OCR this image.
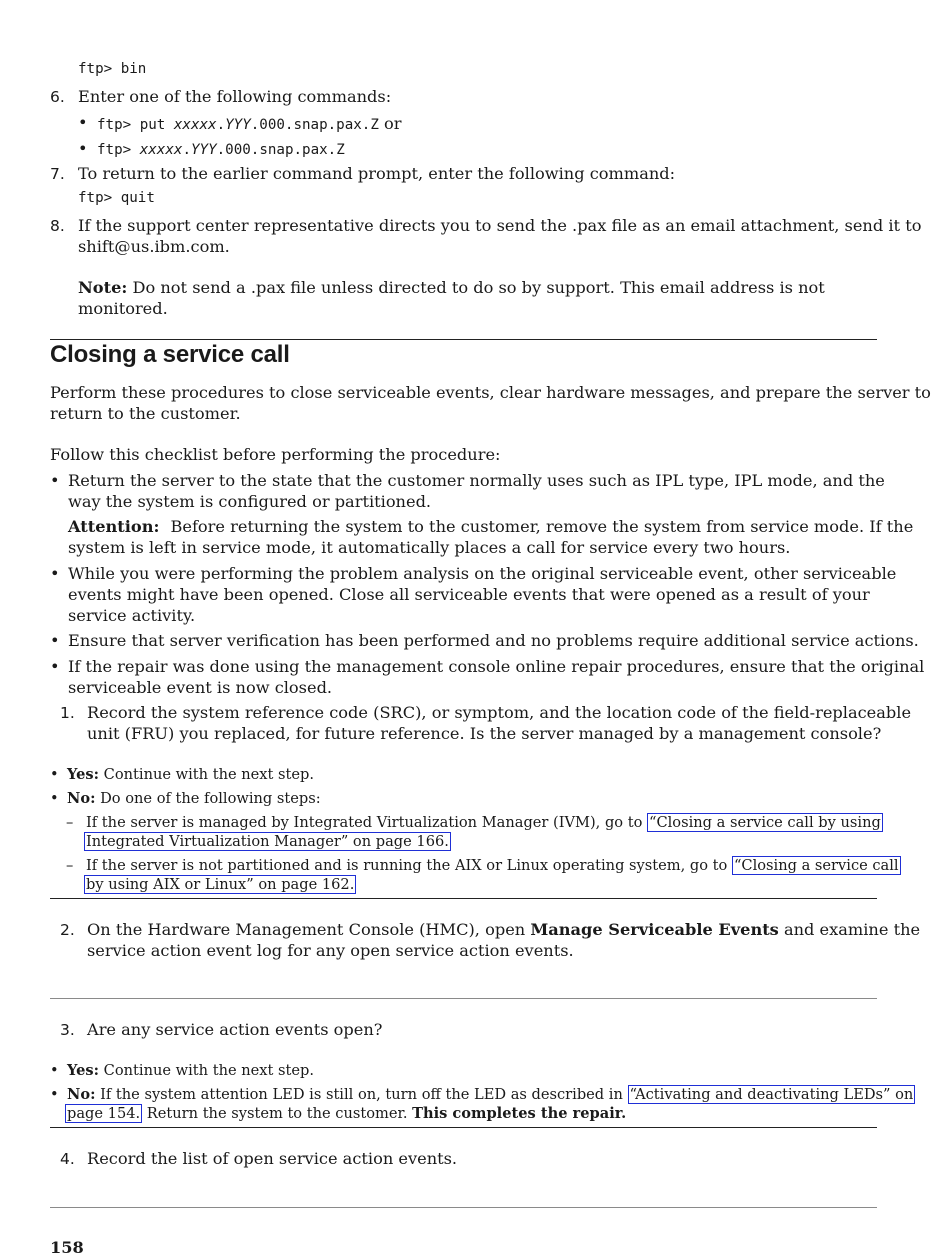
ftp> bin
6. Enter one of the following commands:
• ftp> put xxxxx.YYY.000.snap.pax.Z or
• ftp> xxxxx.YYY.000.snap.pax.Z
7. To return to the earlier command prompt, enter the following command:
ftp> quit
8. If the support center representative directs you to send the .pax file as an email attachment, send it to
shift@us.ibm.com.
Note: Do not send a .pax file unless directed to do so by support. This email address is not
monitored.
Closing a service call
Perform these procedures to close serviceable events, clear hardware messages, and prepare the server to
return to the customer.
Follow this checklist before performing the procedure:
• Return the server to the state that the customer normally uses such as IPL type, IPL mode, and the
way the system is configured or partitioned.
Attention: Before returning the system to the customer, remove the system from service mode. If the
system is left in service mode, it automatically places a call for service every two hours.
• While you were performing the problem analysis on the original serviceable event, other serviceable
events might have been opened. Close all serviceable events that were opened as a result of your
service activity.
• Ensure that server verification has been performed and no problems require additional service actions.
• If the repair was done using the management console online repair procedures, ensure that the original
serviceable event is now closed.
1. Record the system reference code (SRC), or symptom, and the location code of the field-replaceable
unit (FRU) you replaced, for future reference. Is the server managed by a management console?
• Yes: Continue with the next step.
• No: Do one of the following steps:
– If the server is managed by Integrated Virtualization Manager (IVM), go to “Closing a service call by using
Integrated Virtualization Manager” on page 166.
– If the server is not partitioned and is running the AIX or Linux operating system, go to “Closing a service call
by using AIX or Linux” on page 162.
2. On the Hardware Management Console (HMC), open Manage Serviceable Events and examine the
service action event log for any open service action events.
3. Are any service action events open?
• Yes: Continue with the next step.
• No: If the system attention LED is still on, turn off the LED as described in “Activating and deactivating LEDs” on
page 154. Return the system to the customer. This completes the repair.
4. Record the list of open service action events.
158
